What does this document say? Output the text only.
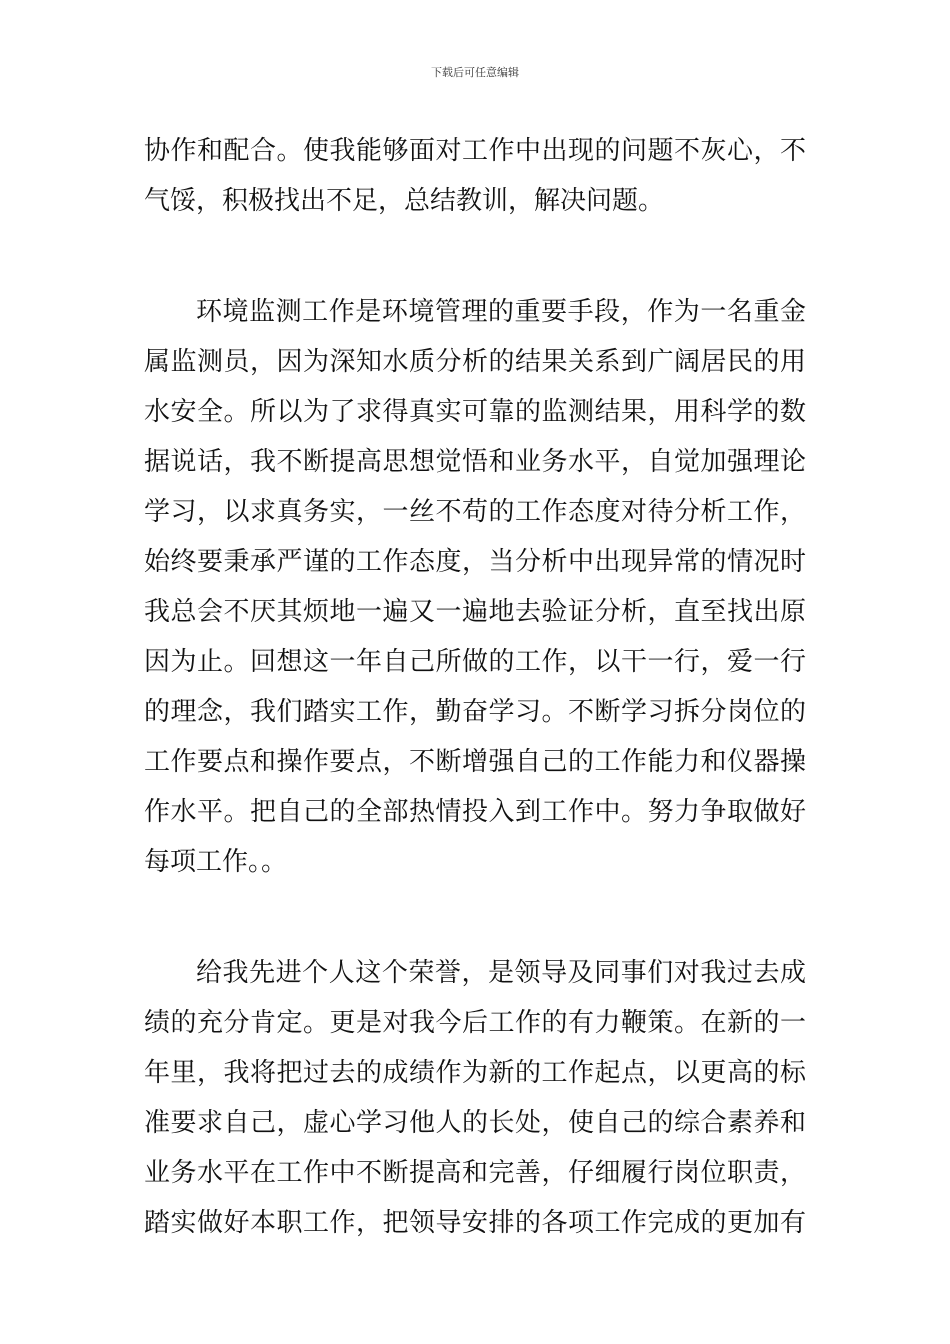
下载后可任意编辑
协作和配合。使我能够面对工作中出现的问题不灰心，不
气馁，积极找出不足，总结教训，解决问题。
环境监测工作是环境管理的重要手段，作为一名重金
属监测员，因为深知水质分析的结果关系到广阔居民的用
水安全。所以为了求得真实可靠的监测结果，用科学的数
据说话，我不断提高思想觉悟和业务水平，自觉加强理论
学习，以求真务实，一丝不苟的工作态度对待分析工作，
始终要秉承严谨的工作态度，当分析中出现异常的情况时
我总会不厌其烦地一遍又一遍地去验证分析，直至找出原
因为止。回想这一年自己所做的工作，以干一行，爱一行
的理念，我们踏实工作，勤奋学习。不断学习拆分岗位的
工作要点和操作要点，不断增强自己的工作能力和仪器操
作水平。把自己的全部热情投入到工作中。努力争取做好
每项工作。。
给我先进个人这个荣誉，是领导及同事们对我过去成
绩的充分肯定。更是对我今后工作的有力鞭策。在新的一
年里，我将把过去的成绩作为新的工作起点，以更高的标
准要求自己，虚心学习他人的长处，使自己的综合素养和
业务水平在工作中不断提高和完善，仔细履行岗位职责，
踏实做好本职工作，把领导安排的各项工作完成的更加有
